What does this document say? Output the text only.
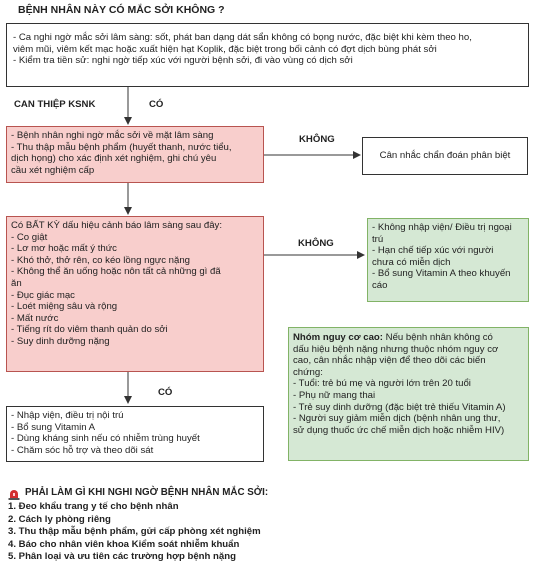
BỆNH NHÂN NÀY CÓ MẮC SỞI KHÔNG ?
- Ca nghi ngờ mắc sởi lâm sàng: sốt, phát ban dạng dát sẩn không có bọng nước, đặc biệt khi kèm theo ho,
viêm mũi, viêm kết mạc hoặc xuất hiện hạt Koplik, đặc biệt trong bối cảnh có đợt dịch bùng phát sởi
- Kiểm tra tiền sử: nghi ngờ tiếp xúc với người bệnh sởi, đi vào vùng có dịch sởi
CAN THIỆP KSNK	CÓ
KHÔNG
KHÔNG
CÓ
- Bệnh nhân nghi ngờ mắc sởi về mặt lâm sàng
- Thu thập mẫu bệnh phẩm (huyết thanh, nước tiểu,
dịch họng) cho xác định xét nghiệm, ghi chú yêu
cầu xét nghiệm cấp
Cân nhắc chẩn đoán phân biệt
Có BẤT KỲ dấu hiệu cảnh báo lâm sàng sau đây:
- Co giật
- Lơ mơ hoặc mất ý thức
- Khó thở, thở rên, co kéo lồng ngực nặng
- Không thể ăn uống hoặc nôn tất cả những gì đã
ăn
- Đục giác mạc
- Loét miệng sâu và rộng
- Mất nước
- Tiếng rít do viêm thanh quản do sởi
- Suy dinh dưỡng nặng
- Không nhập viện/ Điều trị ngoại
trú
- Hạn chế tiếp xúc với người
chưa có miễn dịch
- Bổ sung Vitamin A theo khuyến
cáo
Nhóm nguy cơ cao: Nếu bệnh nhân không có
dấu hiệu bệnh nặng nhưng thuộc nhóm nguy cơ
cao, cân nhắc nhập viện để theo dõi các biến
chứng:
- Tuổi: trẻ bú mẹ và người lớn trên 20 tuổi
- Phụ nữ mang thai
- Trẻ suy dinh dưỡng (đặc biệt trẻ thiếu Vitamin A)
- Người suy giảm miễn dịch (bệnh nhân ung thư,
sử dụng thuốc ức chế miễn dịch hoặc nhiễm HIV)
- Nhập viện, điều trị nội trú
- Bổ sung Vitamin A
- Dùng kháng sinh nếu có nhiễm trùng huyết
- Chăm sóc hỗ trợ và theo dõi sát
PHẢI LÀM GÌ KHI NGHI NGỜ BỆNH NHÂN MẮC SỞI:
1. Đeo khẩu trang y tế cho bệnh nhân
2. Cách ly phòng riêng
3. Thu thập mẫu bệnh phẩm, gửi cấp phòng xét nghiệm
4. Báo cho nhân viên khoa Kiểm soát nhiễm khuẩn
5. Phân loại và ưu tiên các trường hợp bệnh nặng
